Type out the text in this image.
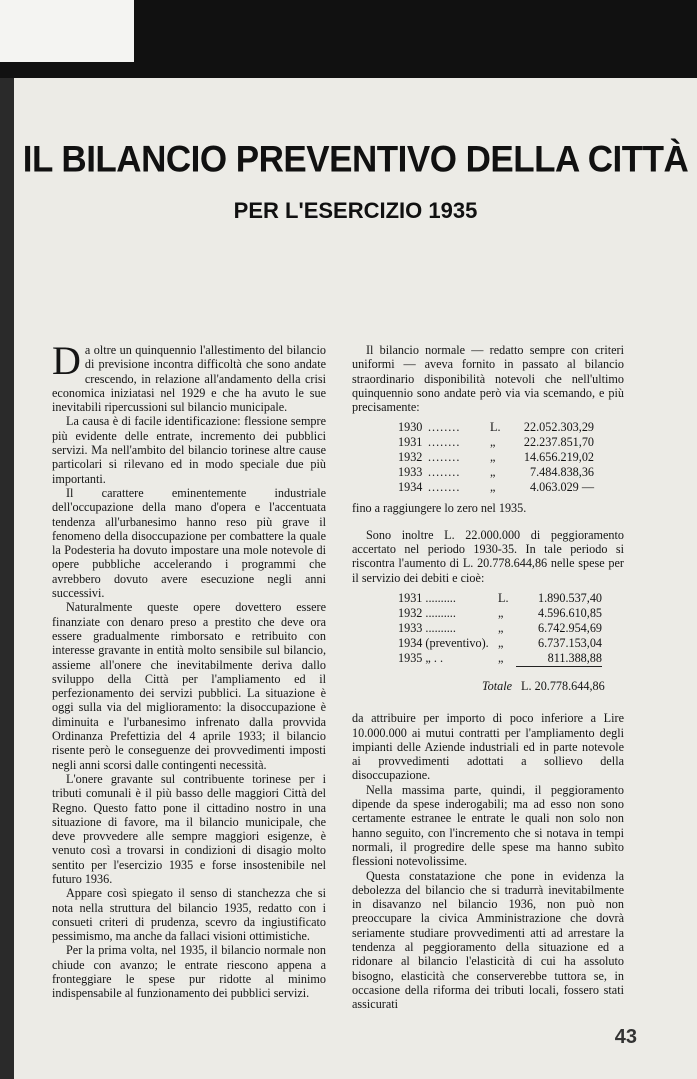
IL BILANCIO PREVENTIVO DELLA CITTÀ
PER L'ESERCIZIO 1935

Da oltre un quinquennio l'allestimento del bilancio di previsione incontra difficoltà che sono andate crescendo, in relazione all'andamento della crisi economica iniziatasi nel 1929 e che ha avuto le sue inevitabili ripercussioni sul bilancio municipale.

La causa è di facile identificazione: flessione sempre più evidente delle entrate, incremento dei pubblici servizi. Ma nell'ambito del bilancio torinese altre cause particolari si rilevano ed in modo speciale due più importanti.

Il carattere eminentemente industriale dell'occupazione della mano d'opera e l'accentuata tendenza all'urbanesimo hanno reso più grave il fenomeno della disoccupazione per combattere la quale la Podesteria ha dovuto impostare una mole notevole di opere pubbliche accelerando i programmi che avrebbero dovuto avere esecuzione negli anni successivi.

Naturalmente queste opere dovettero essere finanziate con denaro preso a prestito che deve ora essere gradualmente rimborsato e retribuito con interesse gravante in entità molto sensibile sul bilancio, assieme all'onere che inevitabilmente deriva dallo sviluppo della Città per l'ampliamento ed il perfezionamento dei servizi pubblici. La situazione è oggi sulla via del miglioramento: la disoccupazione è diminuita e l'urbanesimo infrenato dalla provvida Ordinanza Prefettizia del 4 aprile 1933; il bilancio risente però le conseguenze dei provvedimenti imposti negli anni scorsi dalle contingenti necessità.

L'onere gravante sul contribuente torinese per i tributi comunali è il più basso delle maggiori Città del Regno. Questo fatto pone il cittadino nostro in una situazione di favore, ma il bilancio municipale, che deve provvedere alle sempre maggiori esigenze, è venuto così a trovarsi in condizioni di disagio molto sentito per l'esercizio 1935 e forse insostenibile nel futuro 1936.

Appare così spiegato il senso di stanchezza che si nota nella struttura del bilancio 1935, redatto con i consueti criteri di prudenza, scevro da ingiustificato pessimismo, ma anche da fallaci visioni ottimistiche.

Per la prima volta, nel 1935, il bilancio normale non chiude con avanzo; le entrate riescono appena a fronteggiare le spese pur ridotte al minimo indispensabile al funzionamento dei pubblici servizi.

Il bilancio normale — redatto sempre con criteri uniformi — aveva fornito in passato al bilancio straordinario disponibilità notevoli che nell'ultimo quinquennio sono andate però via via scemando, e più precisamente:

1930	........	L.	22.052.303,29
1931	........	„	22.237.851,70
1932	........	„	14.656.219,02
1933	........	„	7.484.838,36
1934	........	„	4.063.029 —

fino a raggiungere lo zero nel 1935.

Sono inoltre L. 22.000.000 di peggioramento accertato nel periodo 1930-35. In tale periodo si riscontra l'aumento di L. 20.778.644,86 nelle spese per il servizio dei debiti e cioè:

1931 ..........	L.	1.890.537,40
1932 ..........	„	4.596.610,85
1933 ..........	„	6.742.954,69
1934 (preventivo).	„	6.737.153,04
1935 „ . .	„	811.388,88
Totale L. 20.778.644,86

da attribuire per importo di poco inferiore a Lire 10.000.000 ai mutui contratti per l'ampliamento degli impianti delle Aziende industriali ed in parte notevole ai provvedimenti adottati a sollievo della disoccupazione.

Nella massima parte, quindi, il peggioramento dipende da spese inderogabili; ma ad esso non sono certamente estranee le entrate le quali non solo non hanno seguito, con l'incremento che si notava in tempi normali, il progredire delle spese ma hanno subìto flessioni notevolissime.

Questa constatazione che pone in evidenza la debolezza del bilancio che si tradurrà inevitabilmente in disavanzo nel bilancio 1936, non può non preoccupare la civica Amministrazione che dovrà seriamente studiare provvedimenti atti ad arrestare la tendenza al peggioramento della situazione ed a ridonare al bilancio l'elasticità di cui ha assoluto bisogno, elasticità che conserverebbe tuttora se, in occasione della riforma dei tributi locali, fossero stati assicurati

43
